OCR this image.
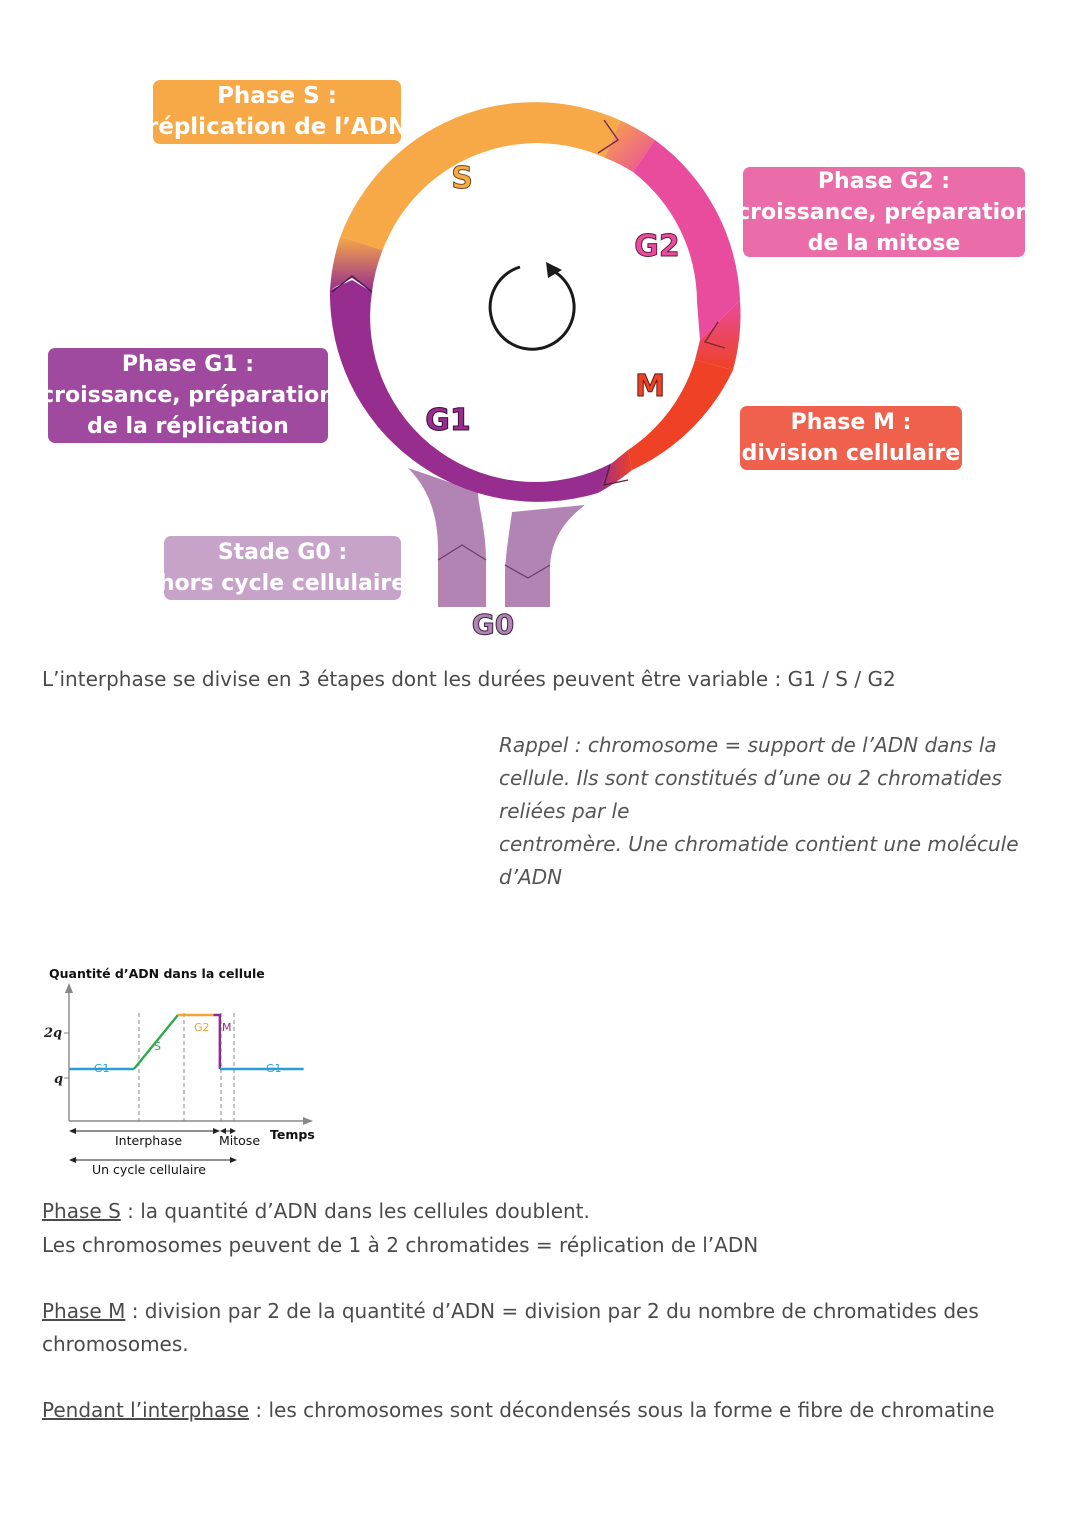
S
G2
M
G1
G0
Phase S :
réplication de l’ADN
Phase G2 :
croissance, préparation
de la mitose
Phase G1 :
croissance, préparation
de la réplication	Phase M :
division cellulaire
Stade G0 :
hors cycle cellulaire
L’interphase se divise en 3 étapes dont les durées peuvent être variable : G1 / S / G2
Rappel : chromosome = support de l’ADN dans la
cellule. Ils sont constitués d’une ou 2 chromatides
reliées par le
centromère. Une chromatide contient une molécule
d’ADN
Quantité d’ADN dans la cellule
Temps
2q
q
G1
S
G2 M
G1
Interphase	Mitose
Un cycle cellulaire
Phase S : la quantité d’ADN dans les cellules doublent.
Les chromosomes peuvent de 1 à 2 chromatides = réplication de l’ADN
Phase M : division par 2 de la quantité d’ADN = division par 2 du nombre de chromatides des
chromosomes.
Pendant l’interphase : les chromosomes sont décondensés sous la forme e fibre de chromatine
